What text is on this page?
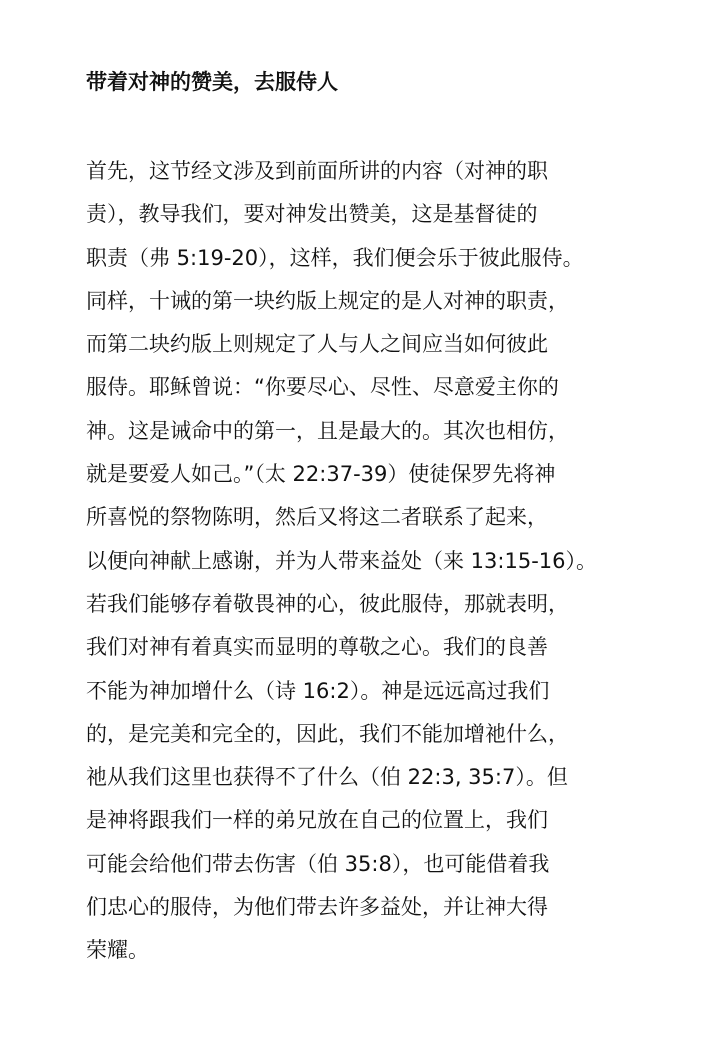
带着对神的赞美，去服侍人
首先，这节经文涉及到前面所讲的内容（对神的职
责），教导我们，要对神发出赞美，这是基督徒的
职责（弗 5:19-20），这样，我们便会乐于彼此服侍。
同样，十诫的第一块约版上规定的是人对神的职责，
而第二块约版上则规定了人与人之间应当如何彼此
服侍。耶稣曾说：“你要尽心、尽性、尽意爱主你的
神。这是诫命中的第一，且是最大的。其次也相仿，
就是要爱人如己。”（太 22:37-39）使徒保罗先将神
所喜悦的祭物陈明，然后又将这二者联系了起来，
以便向神献上感谢，并为人带来益处（来 13:15-16）。
若我们能够存着敬畏神的心，彼此服侍，那就表明，
我们对神有着真实而显明的尊敬之心。我们的良善
不能为神加增什么（诗 16:2）。神是远远高过我们
的，是完美和完全的，因此，我们不能加增祂什么，
祂从我们这里也获得不了什么（伯 22:3, 35:7）。但
是神将跟我们一样的弟兄放在自己的位置上，我们
可能会给他们带去伤害（伯 35:8），也可能借着我
们忠心的服侍，为他们带去许多益处，并让神大得
荣耀。
